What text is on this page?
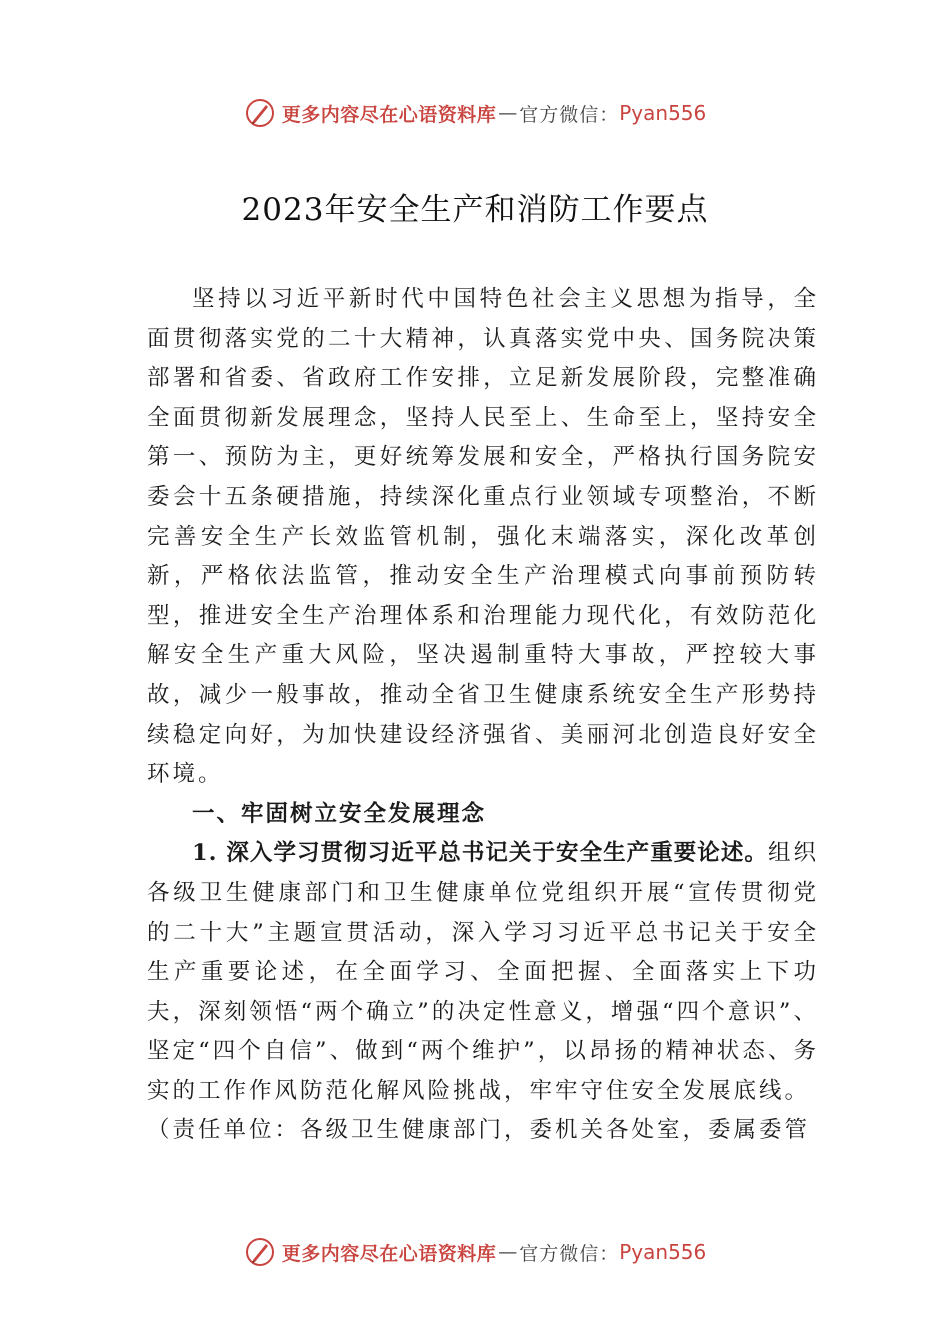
更多内容尽在心语资料库 — 官方微信： Pyan556
2023年安全生产和消防工作要点

坚持以习近平新时代中国特色社会主义思想为指导，全面贯彻落实党的二十大精神，认真落实党中央、国务院决策部署和省委、省政府工作安排，立足新发展阶段，完整准确全面贯彻新发展理念，坚持人民至上、生命至上，坚持安全第一、预防为主，更好统筹发展和安全，严格执行国务院安委会十五条硬措施，持续深化重点行业领域专项整治，不断完善安全生产长效监管机制，强化末端落实，深化改革创新，严格依法监管，推动安全生产治理模式向事前预防转型，推进安全生产治理体系和治理能力现代化，有效防范化解安全生产重大风险，坚决遏制重特大事故，严控较大事故，减少一般事故，推动全省卫生健康系统安全生产形势持续稳定向好，为加快建设经济强省、美丽河北创造良好安全环境。

一、牢固树立安全发展理念

1. 深入学习贯彻习近平总书记关于安全生产重要论述。组织各级卫生健康部门和卫生健康单位党组织开展“宣传贯彻党的二十大”主题宣贯活动，深入学习习近平总书记关于安全生产重要论述，在全面学习、全面把握、全面落实上下功夫，深刻领悟“两个确立”的决定性意义，增强“四个意识”、坚定“四个自信”、做到“两个维护”，以昂扬的精神状态、务实的工作作风防范化解风险挑战，牢牢守住安全发展底线。

（责任单位：各级卫生健康部门，委机关各处室，委属委管

更多内容尽在心语资料库 — 官方微信： Pyan556
